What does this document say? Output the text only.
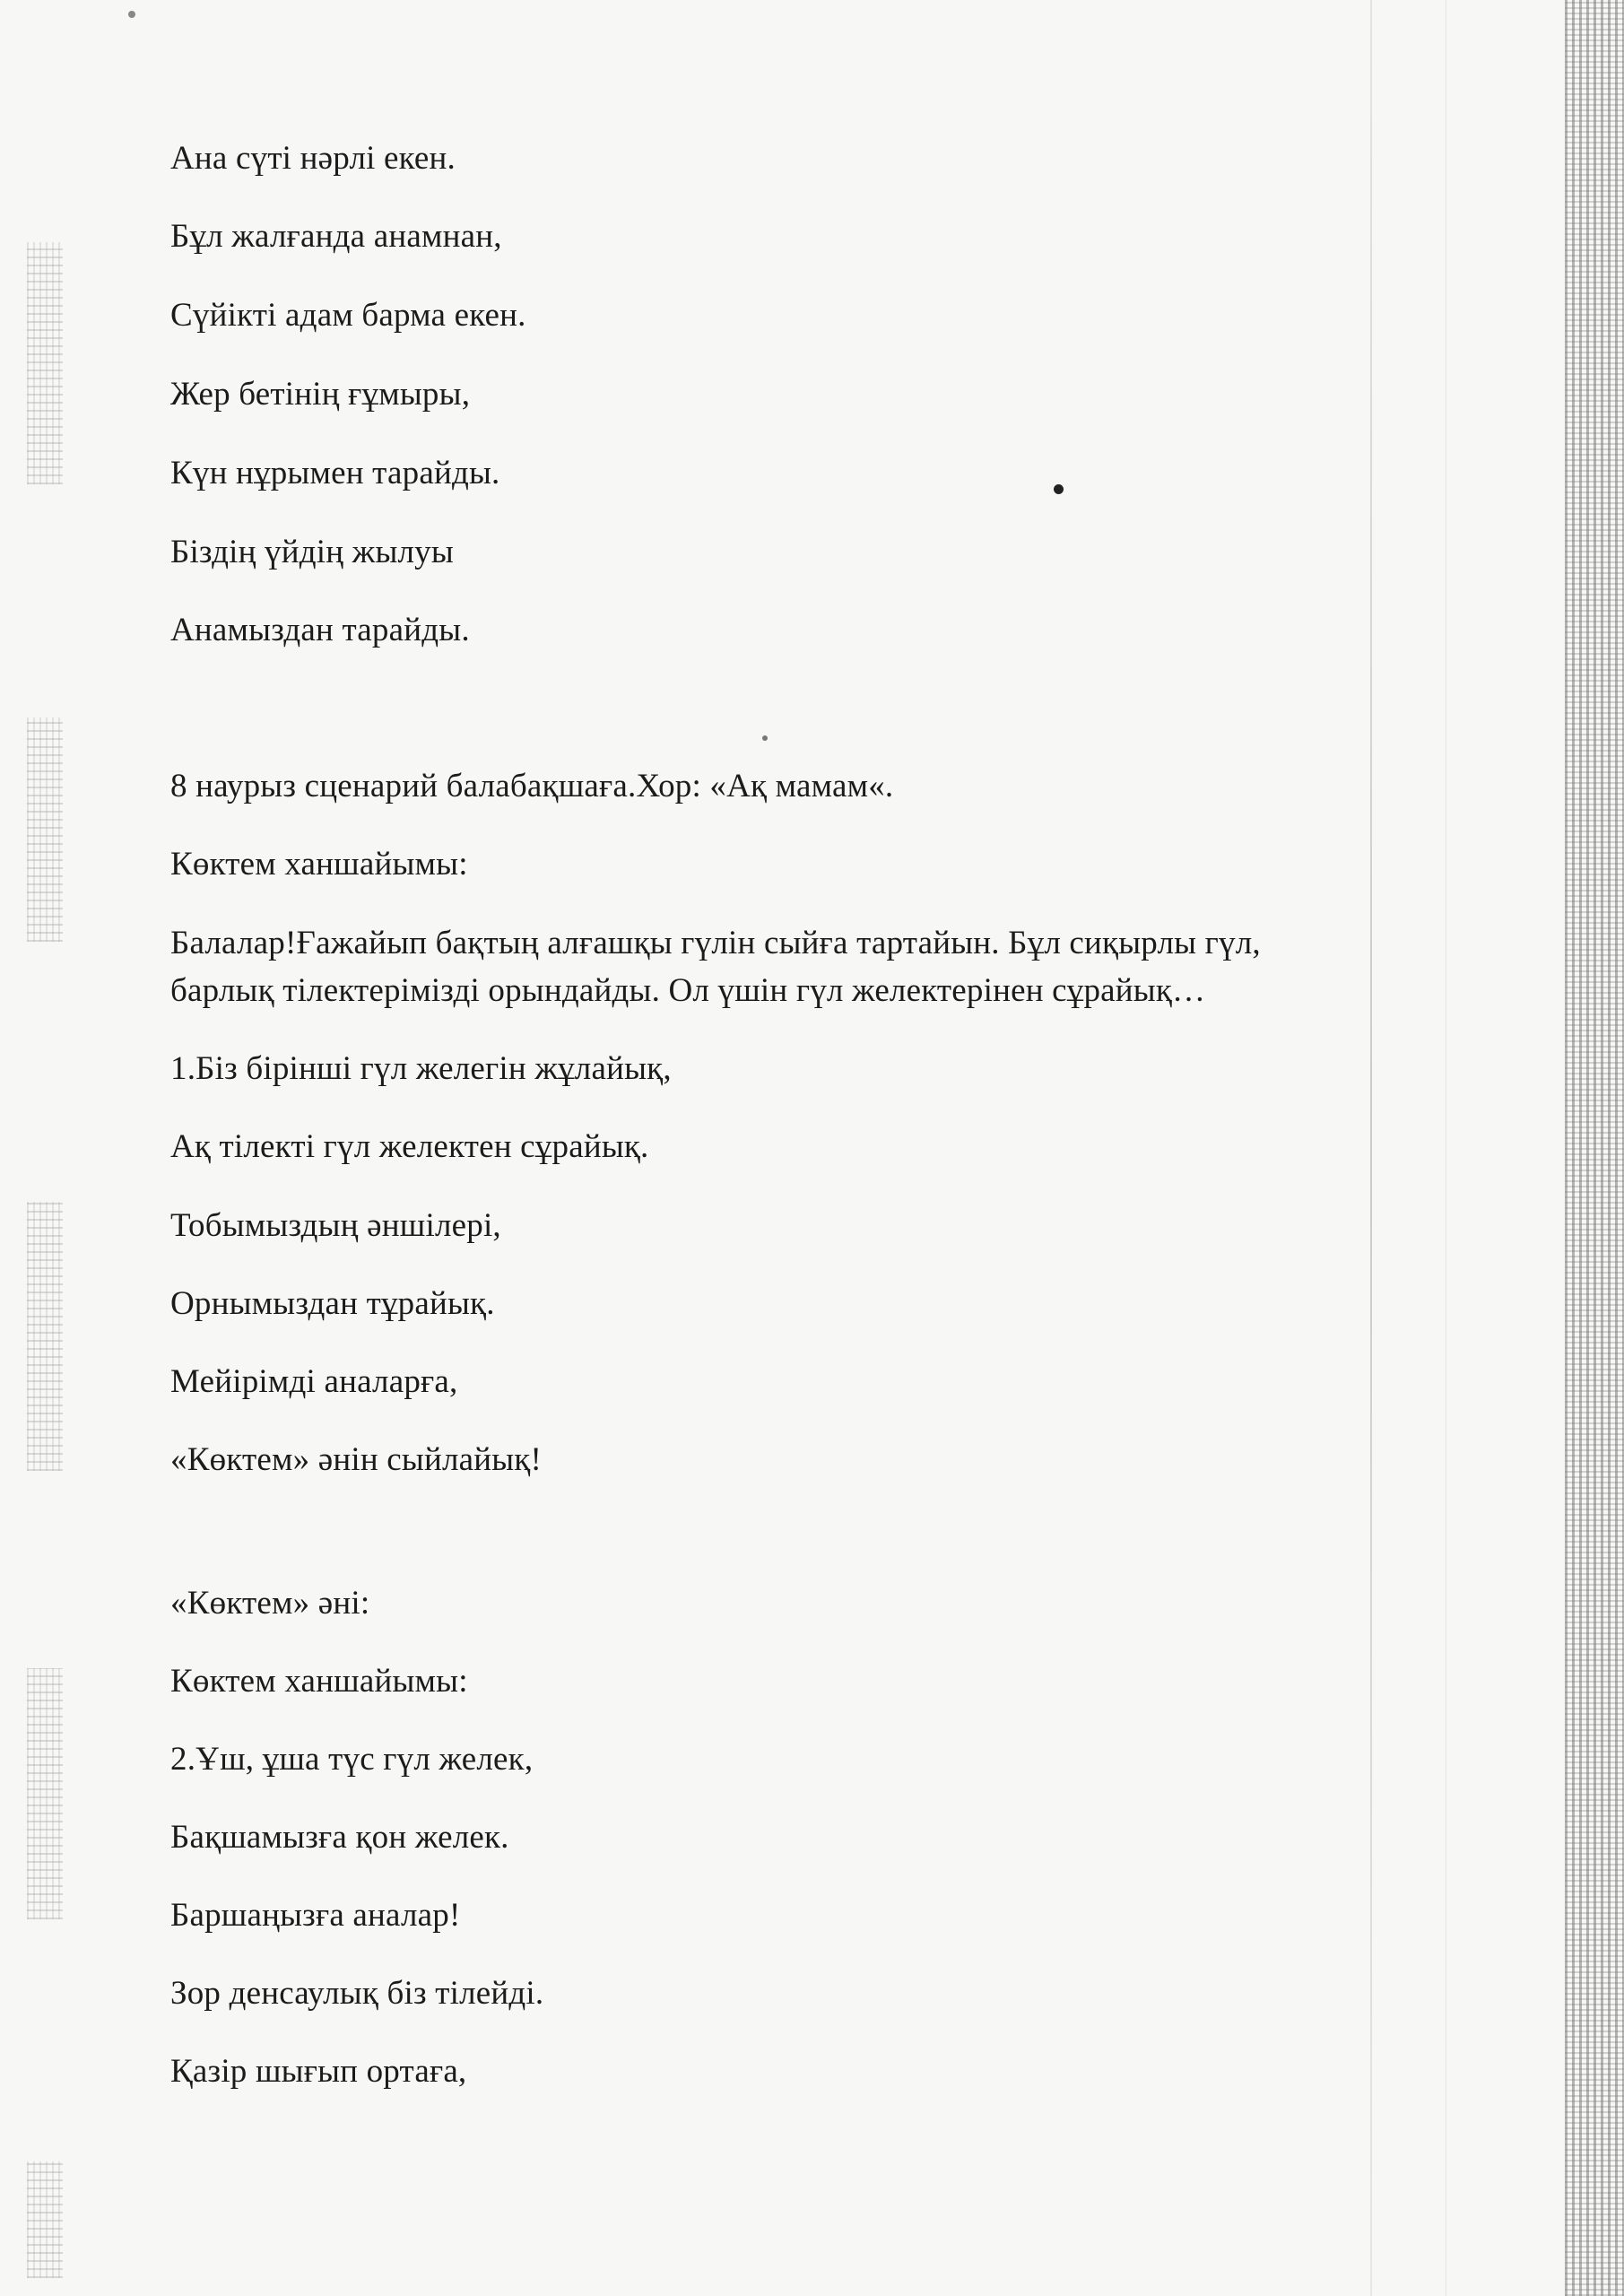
Ана сүті нәрлі екен.
Бұл жалғанда анамнан,
Сүйікті адам барма екен.
Жер бетінің ғұмыры,
Күн нұрымен тарайды.
Біздің үйдің жылуы
Анамыздан тарайды.
8 наурыз сценарий балабақшаға.Хор: «Ақ мамам«.
Көктем ханшайымы:
Балалар!Ғажайып бақтың алғашқы гүлін сыйға тартайын. Бұл сиқырлы гүл,
барлық тілектерімізді орындайды. Ол үшін гүл желектерінен сұрайық…
1.Біз бірінші гүл желегін жұлайық,
Ақ тілекті гүл желектен сұрайық.
Тобымыздың әншілері,
Орнымыздан тұрайық.
Мейірімді аналарға,
«Көктем» әнін сыйлайық!
«Көктем» әні:
Көктем ханшайымы:
2.Ұш, ұша түс гүл желек,
Бақшамызға қон желек.
Баршаңызға аналар!
Зор денсаулық біз тілейді.
Қазір шығып ортаға,
